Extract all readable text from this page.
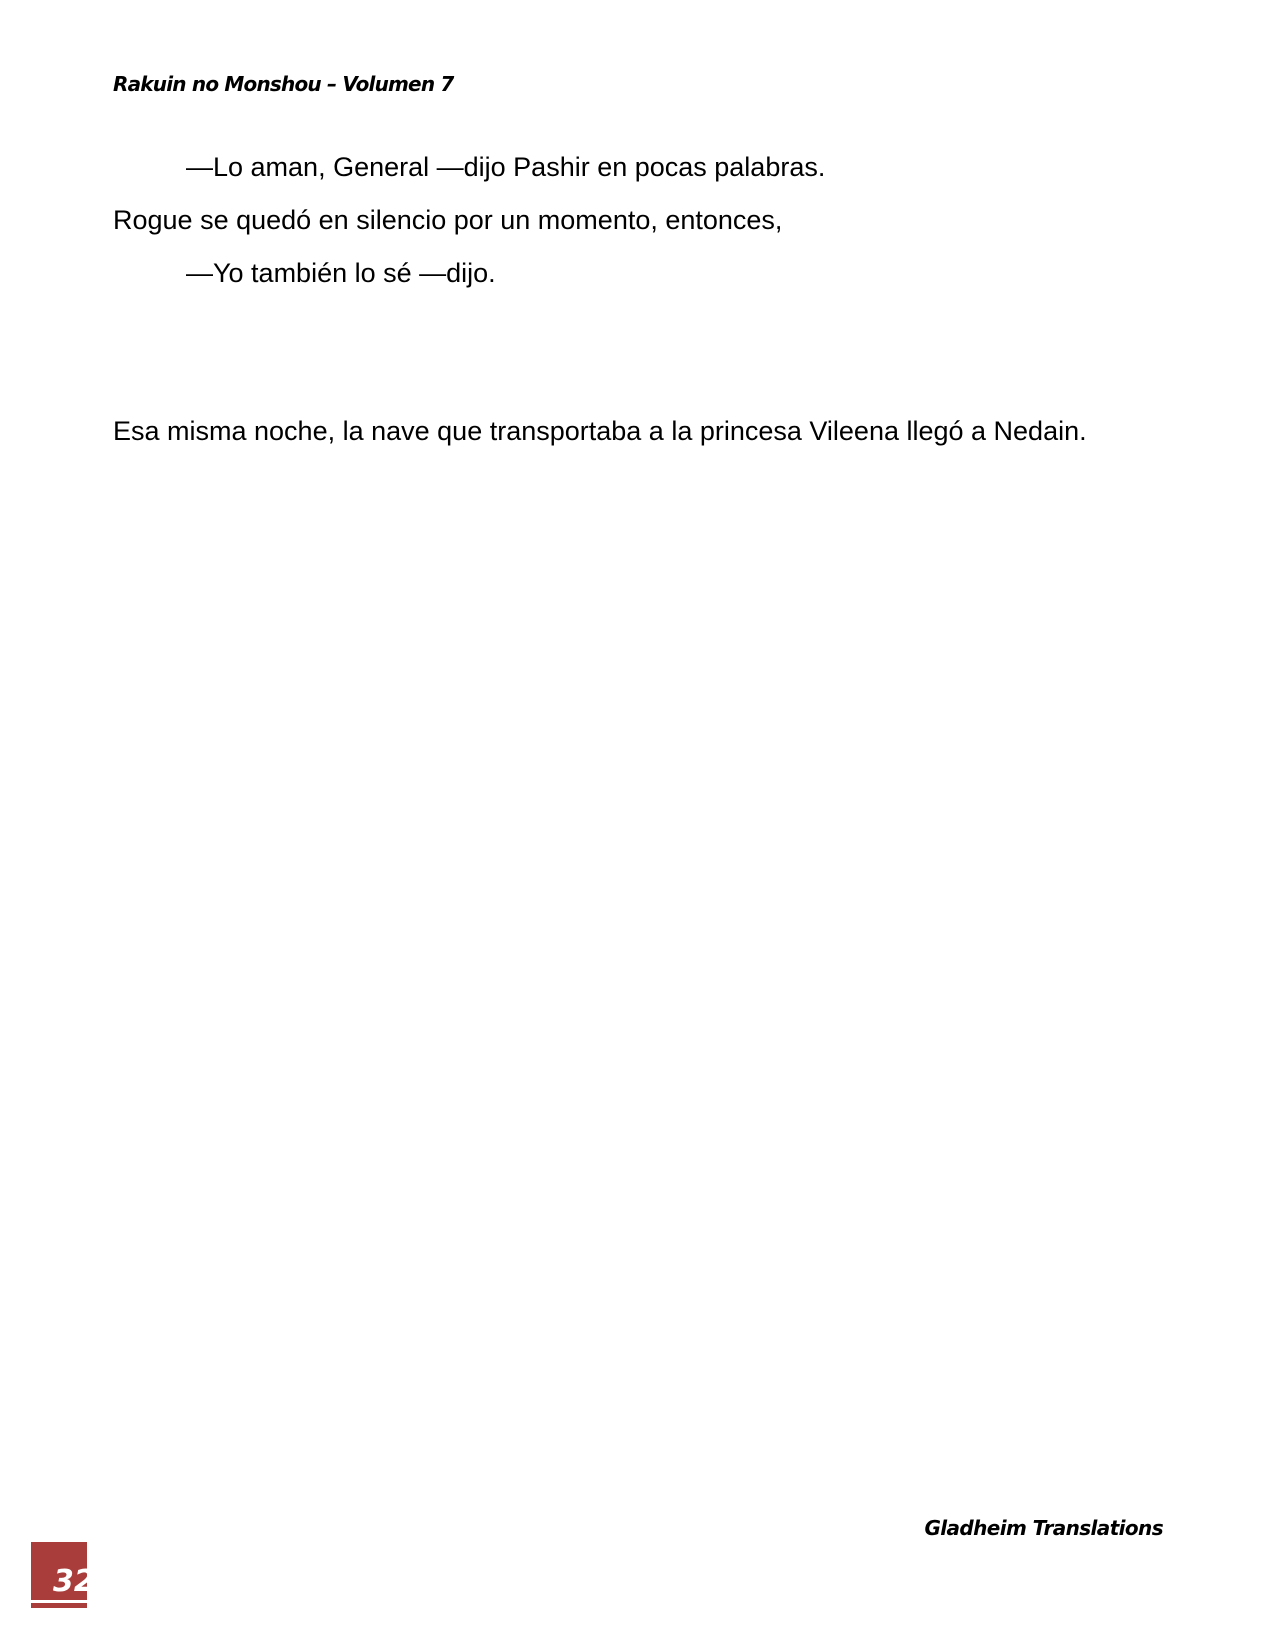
Rakuin no Monshou – Volumen 7

—Lo aman, General —dijo Pashir en pocas palabras.

Rogue se quedó en silencio por un momento, entonces,

—Yo también lo sé —dijo.

Esa misma noche, la nave que transportaba a la princesa Vileena llegó a Nedain.

Gladheim Translations
32
